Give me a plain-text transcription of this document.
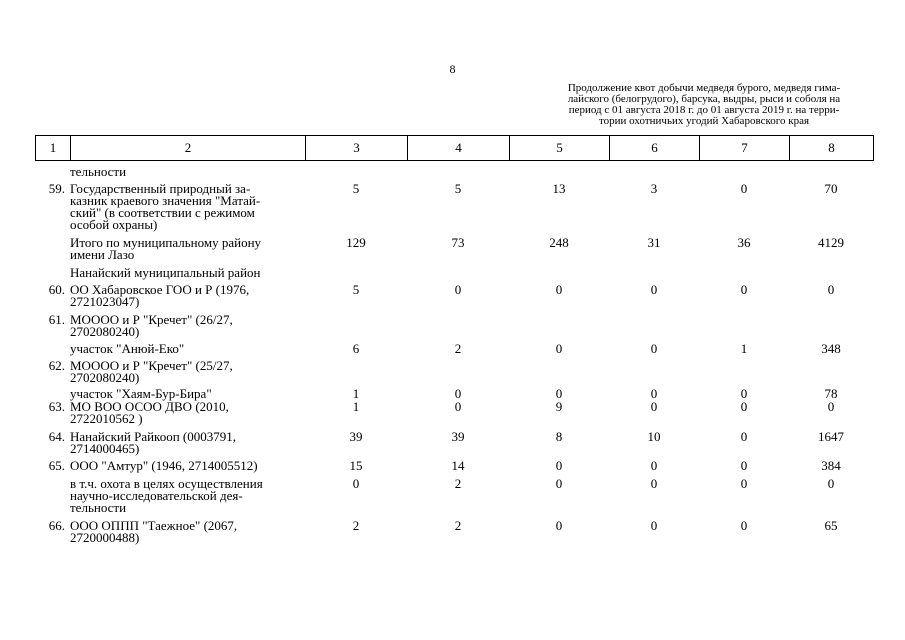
8
Продолжение квот добычи медведя бурого, медведя гима-
лайского (белогрудого), барсука, выдры, рыси и соболя на
период с 01 августа 2018 г. до 01 августа 2019 г. на терри-
тории охотничьих угодий Хабаровского края
1	2	3	4	5	6	7	8
тельности
59. Государственный природный за-
казник краевого значения "Матай-
ский" (в соответствии с режимом
особой охраны)
5	5	13	3	0	70
Итого по муниципальному району
имени Лазо
129	73	248	31	36	4129
Нанайский муниципальный район
60. ОО Хабаровское ГОО и Р (1976,
2721023047)
5	0	0	0	0	0
61. МОООО и Р "Кречет" (26/27,
2702080240)
участок "Анюй-Еко"	6	2	0	0	1	348
62. МОООО и Р "Кречет" (25/27,
2702080240)
участок "Хаям-Бур-Бира"	1	0	0	0	0	78
63. МО ВОО ОСОО ДВО (2010,
2722010562 )
1	0	9	0	0	0
64. Нанайский Райкооп (0003791,
2714000465)
39	39	8	10	0	1647
65. ООО "Амтур" (1946, 2714005512)	15	14	0	0	0	384
в т.ч. охота в целях осуществления
научно-исследовательской дея-
тельности
0	2	0	0	0	0
66. ООО ОППП "Таежное" (2067,
2720000488)
2	2	0	0	0	65
